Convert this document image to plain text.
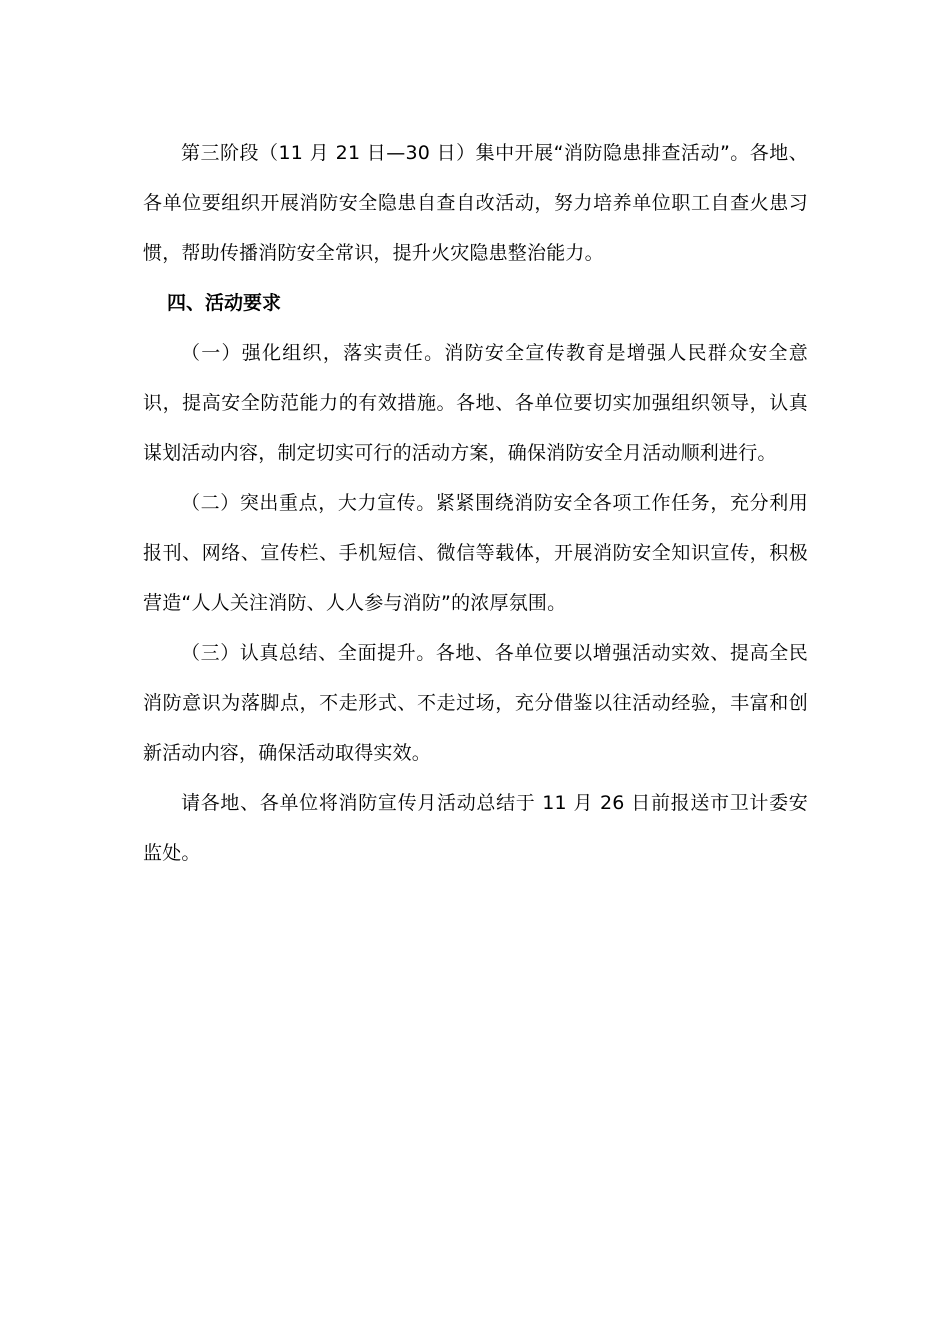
第三阶段（11 月 21 日—30 日）集中开展“消防隐患排查活动”。各地、各单位要组织开展消防安全隐患自查自改活动，努力培养单位职工自查火患习惯，帮助传播消防安全常识，提升火灾隐患整治能力。

四、活动要求

（一）强化组织，落实责任。消防安全宣传教育是增强人民群众安全意识，提高安全防范能力的有效措施。各地、各单位要切实加强组织领导，认真谋划活动内容，制定切实可行的活动方案，确保消防安全月活动顺利进行。

（二）突出重点，大力宣传。紧紧围绕消防安全各项工作任务，充分利用报刊、网络、宣传栏、手机短信、微信等载体，开展消防安全知识宣传，积极营造“人人关注消防、人人参与消防”的浓厚氛围。

（三）认真总结、全面提升。各地、各单位要以增强活动实效、提高全民消防意识为落脚点，不走形式、不走过场，充分借鉴以往活动经验，丰富和创新活动内容，确保活动取得实效。

请各地、各单位将消防宣传月活动总结于 11 月 26 日前报送市卫计委安监处。
